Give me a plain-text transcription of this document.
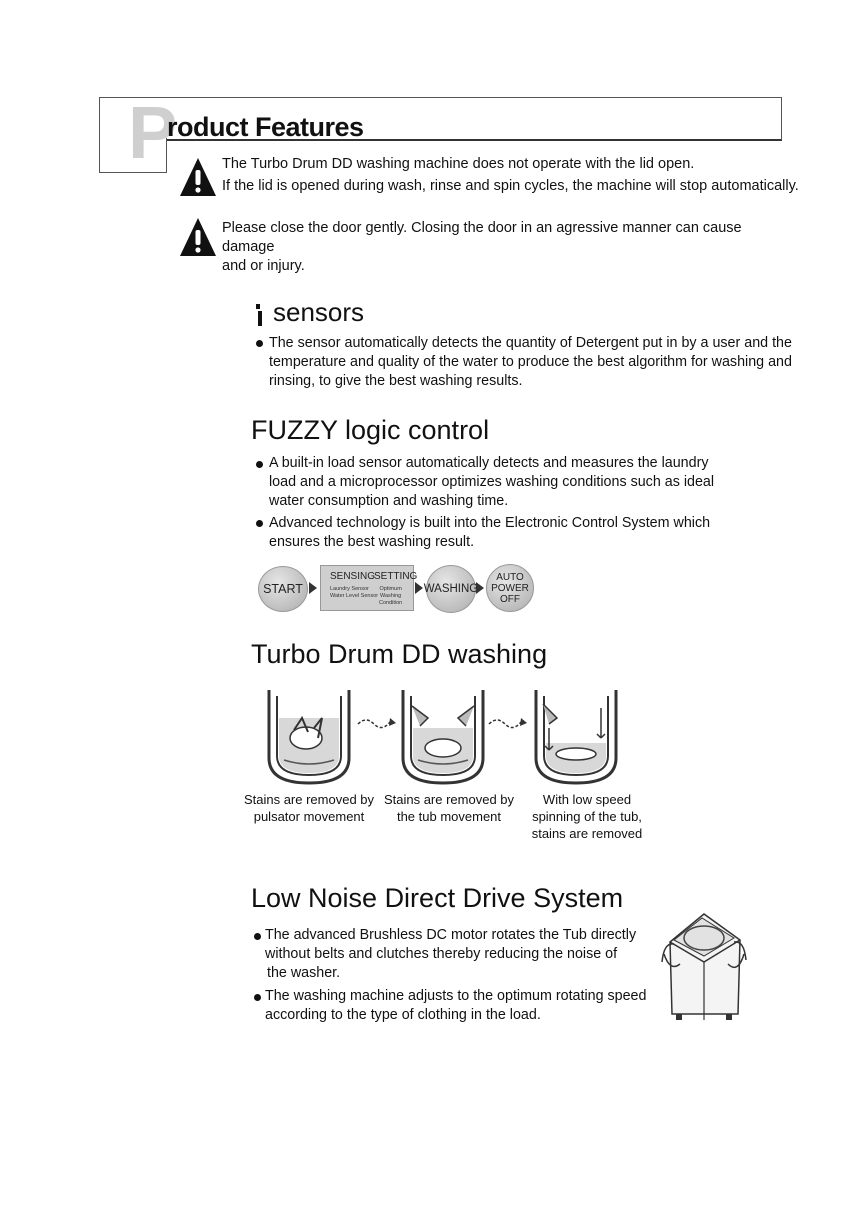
P
roduct Features
The Turbo Drum DD washing machine does not operate with the lid open.
If the lid is opened during wash, rinse and spin cycles, the machine will stop automatically.
Please close the door gently. Closing the door in an agressive manner can cause damage
and or injury.
sensors
The sensor automatically detects the quantity of Detergent put in by a user and the
temperature and quality of the water to produce the best algorithm for washing and
rinsing, to give the best washing results.
FUZZY logic control
A built-in load sensor automatically detects and measures the laundry
load and a microprocessor optimizes washing conditions such as ideal
water consumption and washing time.
Advanced technology is built into the Electronic Control System which
ensures the best washing result.
START
SENSING
SETTING
Laundry Sensor
Water Level Sensor
Optimum
Washing
Condition
WASHING
AUTO
POWER
OFF
Turbo Drum DD washing
Stains are removed by
pulsator movement
Stains are removed by
the tub movement
With low speed
spinning of the tub,
stains are removed
Low Noise Direct Drive System
The advanced Brushless DC motor rotates the Tub directly
without belts and clutches thereby reducing the noise of
the washer.
The washing machine adjusts to the optimum rotating speed
according to the type of clothing in the load.
